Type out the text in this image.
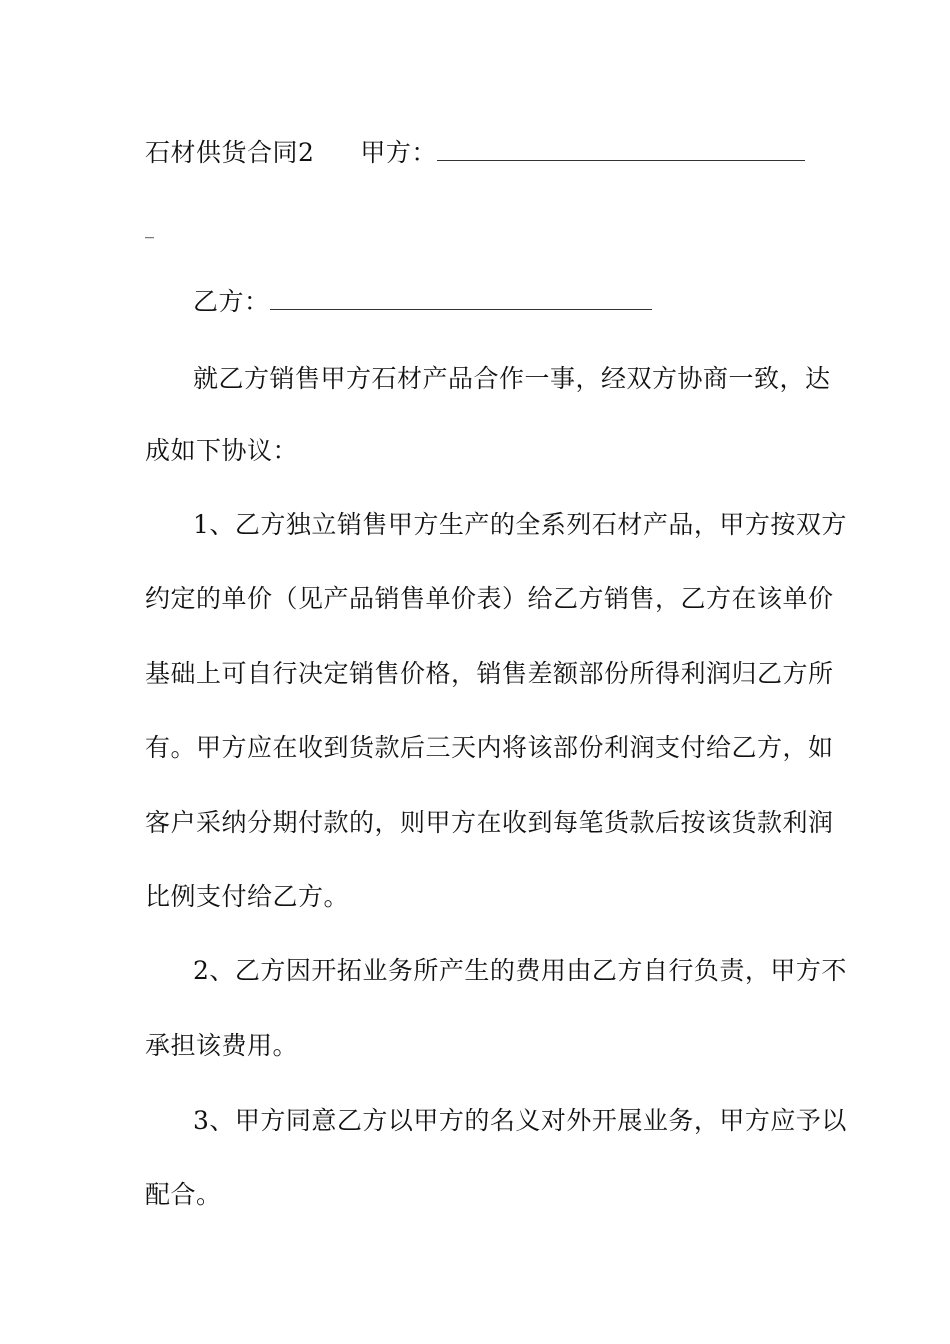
石材供货合同2 甲方：
_
乙方：
就乙方销售甲方石材产品合作一事，经双方协商一致，达
成如下协议：
1、乙方独立销售甲方生产的全系列石材产品，甲方按双方
约定的单价（见产品销售单价表）给乙方销售，乙方在该单价
基础上可自行决定销售价格，销售差额部份所得利润归乙方所
有。甲方应在收到货款后三天内将该部份利润支付给乙方，如
客户采纳分期付款的，则甲方在收到每笔货款后按该货款利润
比例支付给乙方。
2、乙方因开拓业务所产生的费用由乙方自行负责，甲方不
承担该费用。
3、甲方同意乙方以甲方的名义对外开展业务，甲方应予以
配合。
